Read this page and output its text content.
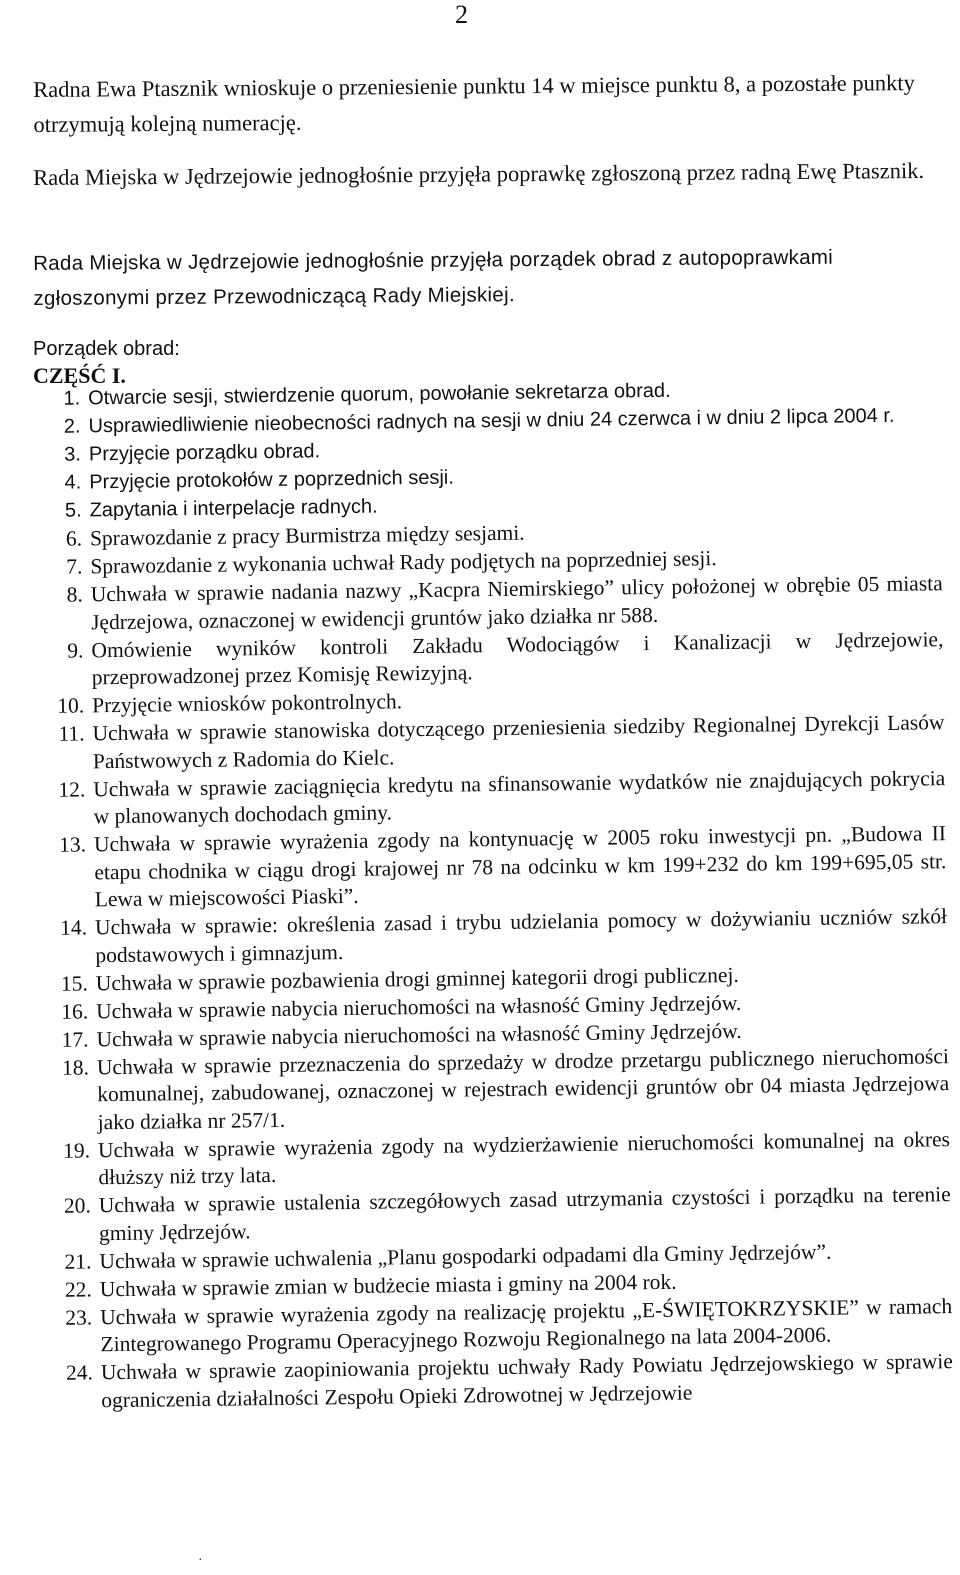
2
Radna Ewa Ptasznik wnioskuje o przeniesienie punktu 14 w miejsce punktu 8, a pozostałe punkty otrzymują kolejną numerację.
Rada Miejska w Jędrzejowie jednogłośnie przyjęła poprawkę zgłoszoną przez radną Ewę Ptasznik.
Rada Miejska w Jędrzejowie jednogłośnie przyjęła porządek obrad z autopoprawkami zgłoszonymi przez Przewodniczącą Rady Miejskiej.
Porządek obrad:
CZĘŚĆ I.
1. Otwarcie sesji, stwierdzenie quorum, powołanie sekretarza obrad.
2. Usprawiedliwienie nieobecności radnych na sesji w dniu 24 czerwca i w dniu 2 lipca 2004 r.
3. Przyjęcie porządku obrad.
4. Przyjęcie protokołów z poprzednich sesji.
5. Zapytania i interpelacje radnych.
6. Sprawozdanie z pracy Burmistrza między sesjami.
7. Sprawozdanie z wykonania uchwał Rady podjętych na poprzedniej sesji.
8. Uchwała w sprawie nadania nazwy „Kacpra Niemirskiego” ulicy położonej w obrębie 05 miasta Jędrzejowa, oznaczonej w ewidencji gruntów jako działka nr 588.
9. Omówienie wyników kontroli Zakładu Wodociągów i Kanalizacji w Jędrzejowie, przeprowadzonej przez Komisję Rewizyjną.
10. Przyjęcie wniosków pokontrolnych.
11. Uchwała w sprawie stanowiska dotyczącego przeniesienia siedziby Regionalnej Dyrekcji Lasów Państwowych z Radomia do Kielc.
12. Uchwała w sprawie zaciągnięcia kredytu na sfinansowanie wydatków nie znajdujących pokrycia w planowanych dochodach gminy.
13. Uchwała w sprawie wyrażenia zgody na kontynuację w 2005 roku inwestycji pn. „Budowa II etapu chodnika w ciągu drogi krajowej nr 78 na odcinku w km 199+232 do km 199+695,05 str. Lewa w miejscowości Piaski”.
14. Uchwała w sprawie: określenia zasad i trybu udzielania pomocy w dożywianiu uczniów szkół podstawowych i gimnazjum.
15. Uchwała w sprawie pozbawienia drogi gminnej kategorii drogi publicznej.
16. Uchwała w sprawie nabycia nieruchomości na własność Gminy Jędrzejów.
17. Uchwała w sprawie nabycia nieruchomości na własność Gminy Jędrzejów.
18. Uchwała w sprawie przeznaczenia do sprzedaży w drodze przetargu publicznego nieruchomości komunalnej, zabudowanej, oznaczonej w rejestrach ewidencji gruntów obr 04 miasta Jędrzejowa jako działka nr 257/1.
19. Uchwała w sprawie wyrażenia zgody na wydzierżawienie nieruchomości komunalnej na okres dłuższy niż trzy lata.
20. Uchwała w sprawie ustalenia szczegółowych zasad utrzymania czystości i porządku na terenie gminy Jędrzejów.
21. Uchwała w sprawie uchwalenia „Planu gospodarki odpadami dla Gminy Jędrzejów”.
22. Uchwała w sprawie zmian w budżecie miasta i gminy na 2004 rok.
23. Uchwała w sprawie wyrażenia zgody na realizację projektu „E-ŚWIĘTOKRZYSKIE” w ramach Zintegrowanego Programu Operacyjnego Rozwoju Regionalnego na lata 2004-2006.
24. Uchwała w sprawie zaopiniowania projektu uchwały Rady Powiatu Jędrzejowskiego w sprawie ograniczenia działalności Zespołu Opieki Zdrowotnej w Jędrzejowie
·
